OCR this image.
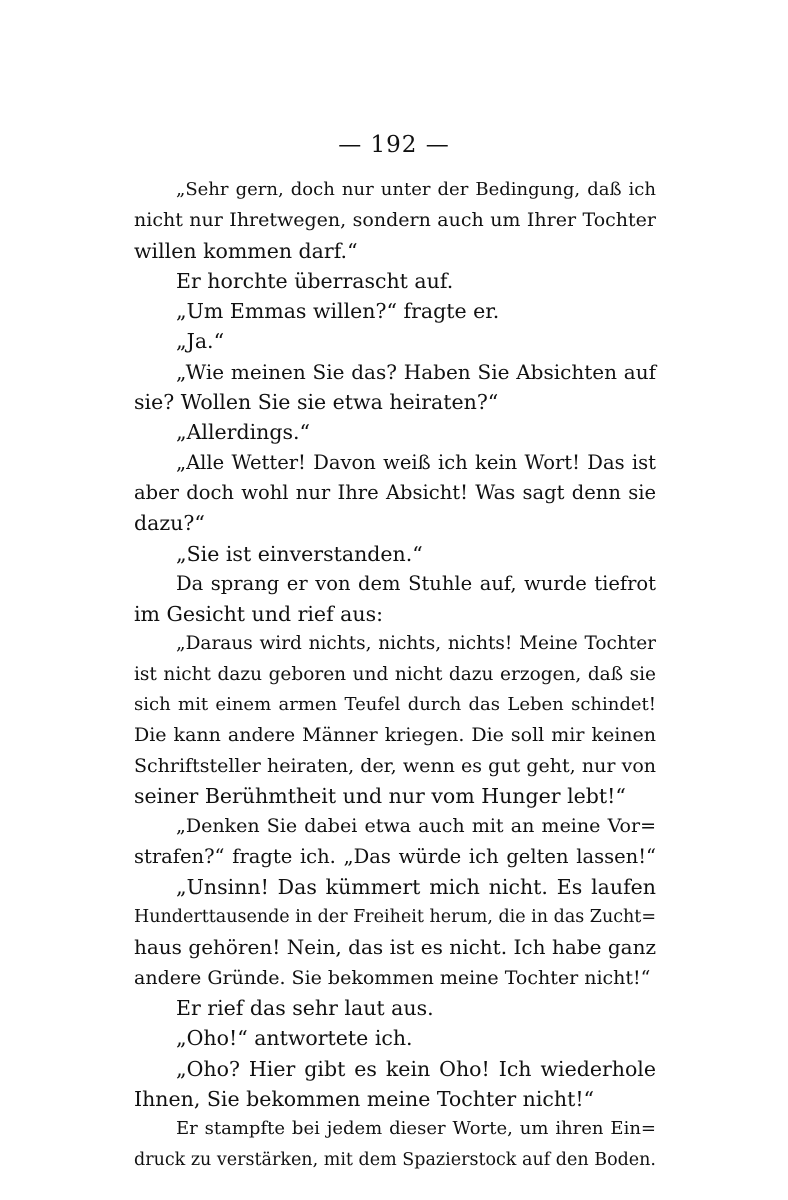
— 192 —
„Sehr gern, doch nur unter der Bedingung, daß ich
nicht nur Ihretwegen, sondern auch um Ihrer Tochter
willen kommen darf.“
Er horchte überrascht auf.
„Um Emmas willen?“ fragte er.
„Ja.“
„Wie meinen Sie das? Haben Sie Absichten auf
sie? Wollen Sie sie etwa heiraten?“
„Allerdings.“
„Alle Wetter! Davon weiß ich kein Wort! Das ist
aber doch wohl nur Ihre Absicht! Was sagt denn sie
dazu?“
„Sie ist einverstanden.“
Da sprang er von dem Stuhle auf, wurde tiefrot
im Gesicht und rief aus:
„Daraus wird nichts, nichts, nichts! Meine Tochter
ist nicht dazu geboren und nicht dazu erzogen, daß sie
sich mit einem armen Teufel durch das Leben schindet!
Die kann andere Männer kriegen. Die soll mir keinen
Schriftsteller heiraten, der, wenn es gut geht, nur von
seiner Berühmtheit und nur vom Hunger lebt!“
„Denken Sie dabei etwa auch mit an meine Vor=
strafen?“ fragte ich. „Das würde ich gelten lassen!“
„Unsinn! Das kümmert mich nicht. Es laufen
Hunderttausende in der Freiheit herum, die in das Zucht=
haus gehören! Nein, das ist es nicht. Ich habe ganz
andere Gründe. Sie bekommen meine Tochter nicht!“
Er rief das sehr laut aus.
„Oho!“ antwortete ich.
„Oho? Hier gibt es kein Oho! Ich wiederhole
Ihnen, Sie bekommen meine Tochter nicht!“
Er stampfte bei jedem dieser Worte, um ihren Ein=
druck zu verstärken, mit dem Spazierstock auf den Boden.
